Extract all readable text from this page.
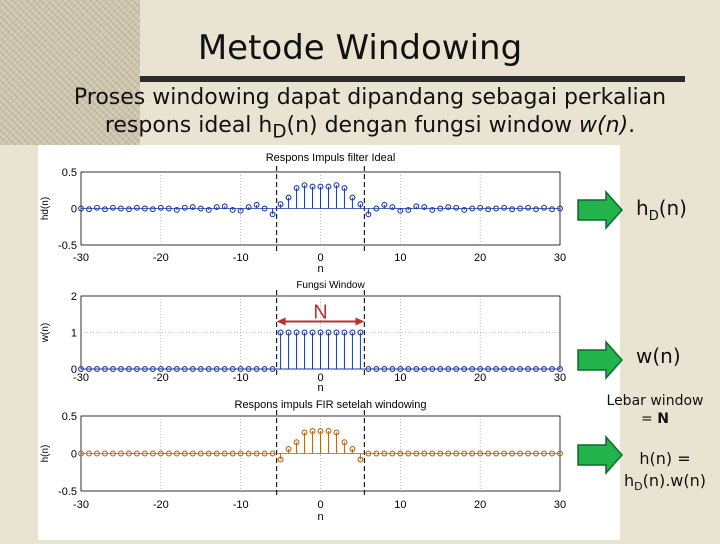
Metode Windowing
Proses windowing dapat dipandang sebagai perkalian
respons ideal $h_D(n)$ dengan fungsi window w(n).
-30	-20	-10	0	10	20	30
-0.5
0
0.5
Respons Impuls filter Ideal
n
hd(n)
-30	-20	-10	0	10	20	30
0
1
2
Fungsi Window
n
w(n)
N
-30	-20	-10	0	10	20	30
-0.5
0
0.5
Respons impuls FIR setelah windowing
n
h(n)
$h_D(n)$
w(n)
Lebar window
= N
h(n) =
$h_D(n).w(n)$
